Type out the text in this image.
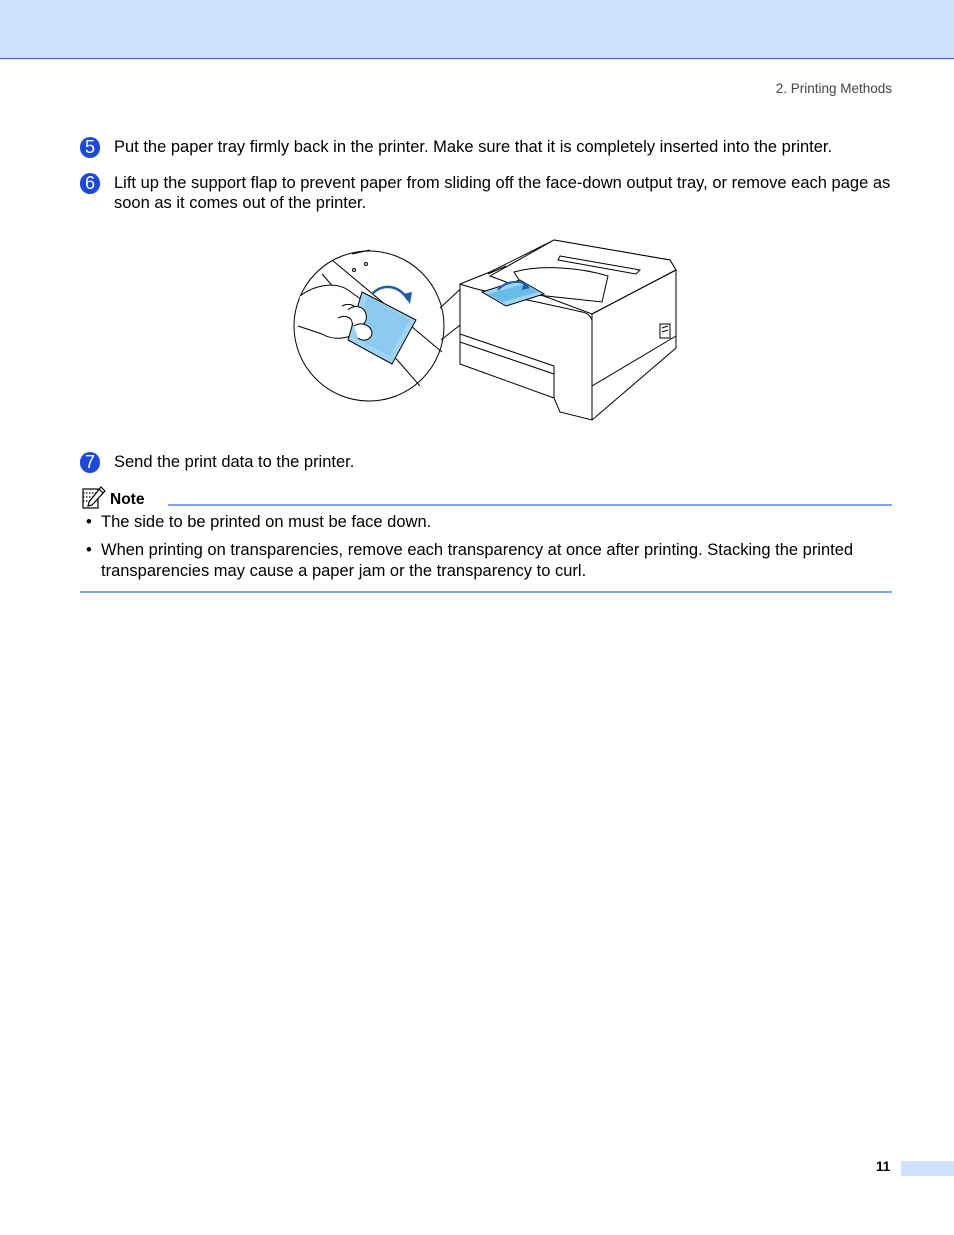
2. Printing Methods
5	Put the paper tray firmly back in the printer. Make sure that it is completely inserted into the printer.
6	Lift up the support flap to prevent paper from sliding off the face-down output tray, or remove each page as soon as it comes out of the printer.
7	Send the print data to the printer.
Note
• The side to be printed on must be face down.
• When printing on transparencies, remove each transparency at once after printing. Stacking the printed transparencies may cause a paper jam or the transparency to curl.
11
